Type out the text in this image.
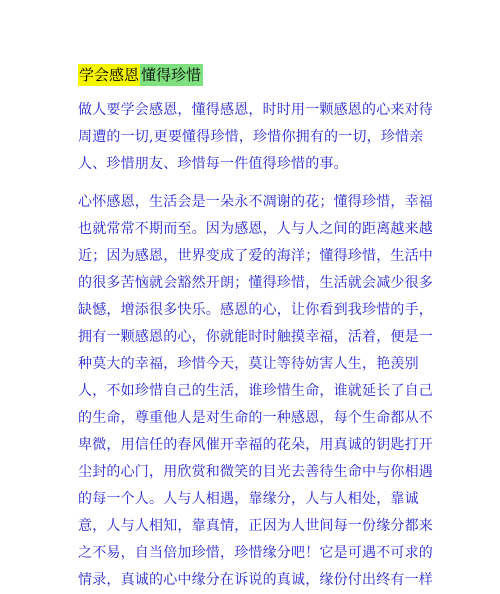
学会感恩 懂得珍惜

做人要学会感恩，懂得感恩，时时用一颗感恩的心来对待
周遭的一切,更要懂得珍惜，珍惜你拥有的一切，珍惜亲
人、珍惜朋友、珍惜每一件值得珍惜的事。

心怀感恩，生活会是一朵永不凋谢的花；懂得珍惜，幸福
也就常常不期而至。因为感恩，人与人之间的距离越来越
近；因为感恩，世界变成了爱的海洋；懂得珍惜，生活中
的很多苦恼就会豁然开朗；懂得珍惜，生活就会减少很多
缺憾，增添很多快乐。感恩的心，让你看到我珍惜的手，
拥有一颗感恩的心，你就能时时触摸幸福，活着，便是一
种莫大的幸福，珍惜今天，莫让等待妨害人生，艳羡别
人，不如珍惜自己的生活，谁珍惜生命，谁就延长了自己
的生命，尊重他人是对生命的一种感恩，每个生命都从不
卑微，用信任的春风催开幸福的花朵，用真诚的钥匙打开
尘封的心门，用欣赏和微笑的目光去善待生命中与你相遇
的每一个人。人与人相遇，靠缘分，人与人相处，靠诚
意，人与人相知，靠真情，正因为人世间每一份缘分都来
之不易，自当倍加珍惜，珍惜缘分吧！它是可遇不可求的
情录，真诚的心中缘分在诉说的真诚，缘份付出终有一样
